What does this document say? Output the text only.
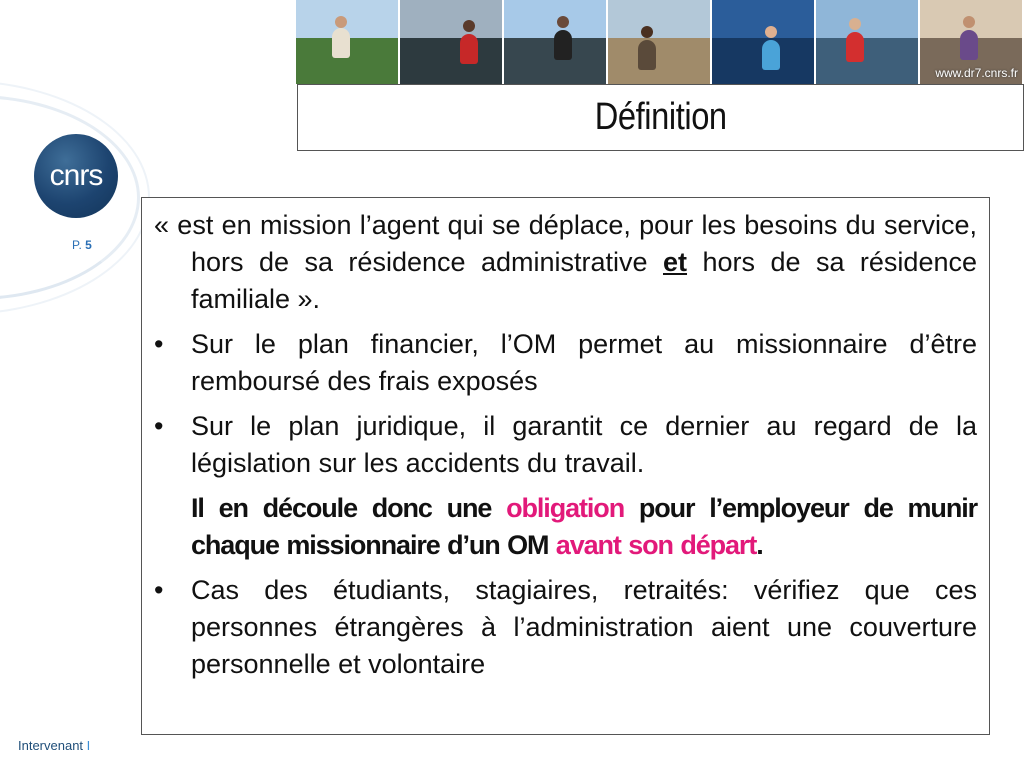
www.dr7.cnrs.fr
Définition
cnrs
P. 5
« est en mission l’agent qui se déplace, pour les besoins du service, hors de sa résidence administrative et hors de sa résidence familiale ».
• Sur le plan financier, l’OM permet au missionnaire d’être remboursé des frais exposés
• Sur le plan juridique, il garantit ce dernier au regard de la législation sur les accidents du travail.
Il en découle donc une obligation pour l’employeur de munir chaque missionnaire d’un OM avant son départ.
• Cas des étudiants, stagiaires, retraités: vérifiez que ces personnes étrangères à l’administration aient une couverture personnelle et volontaire
Intervenant I
